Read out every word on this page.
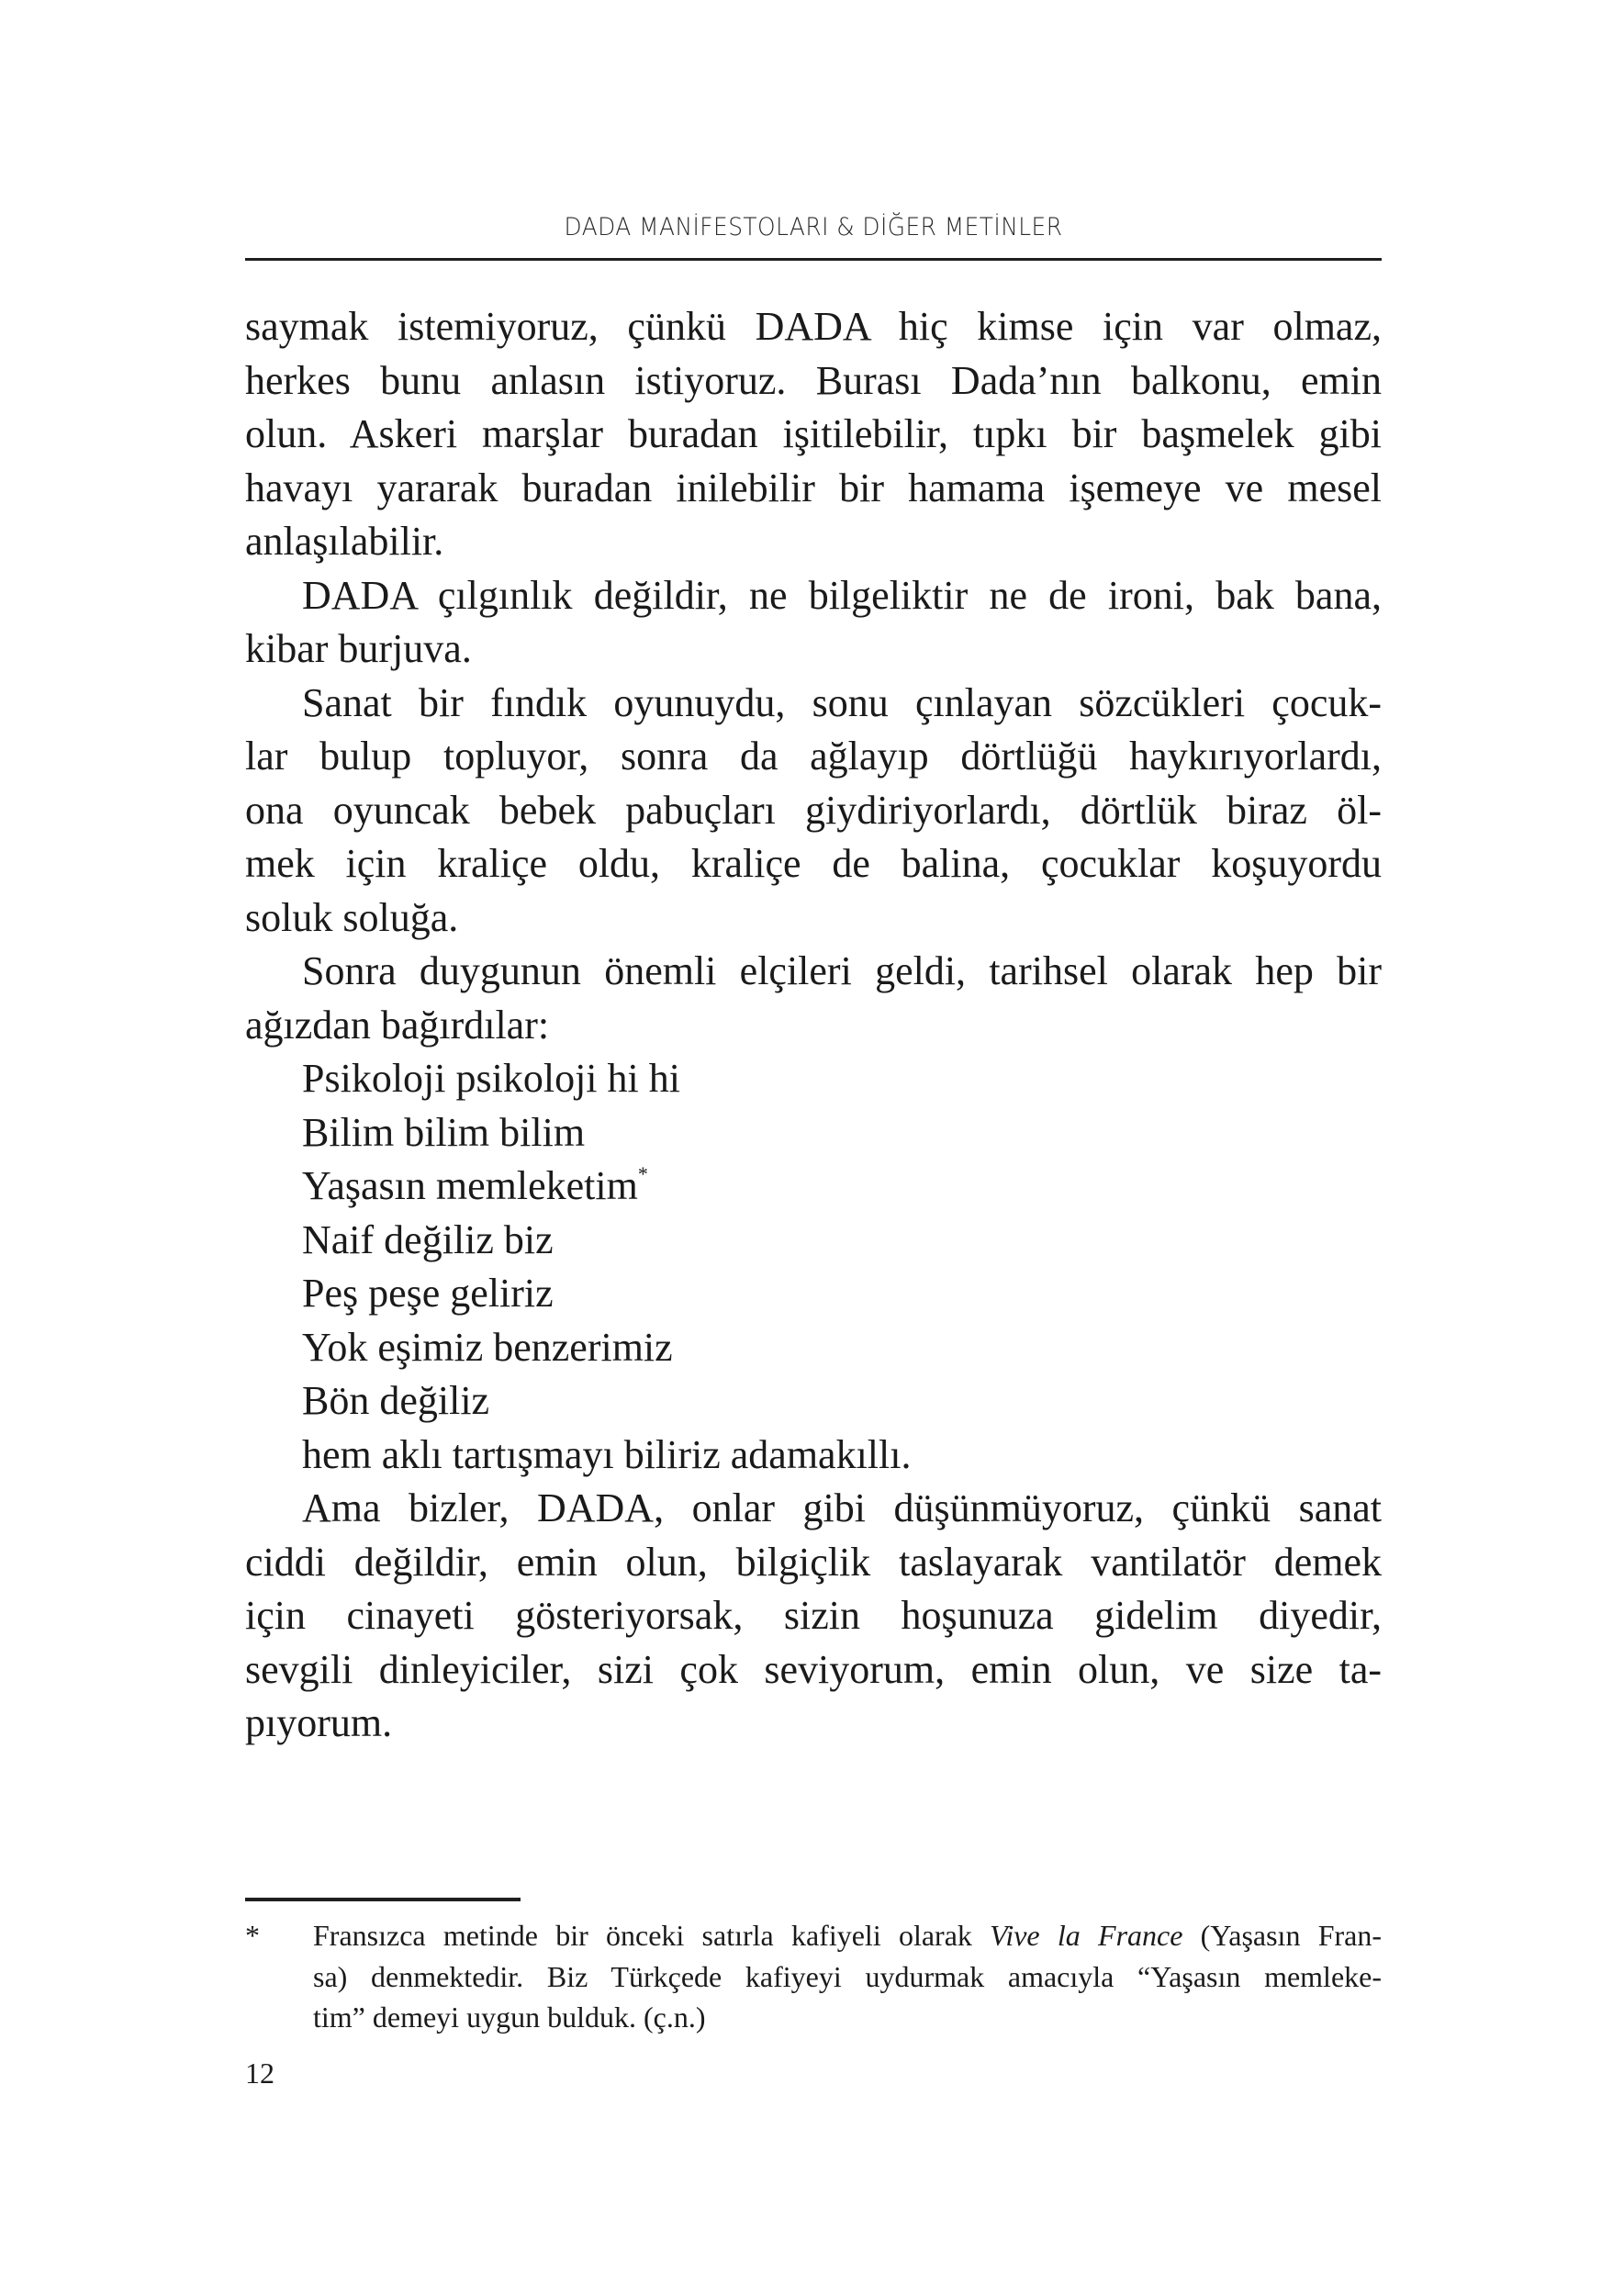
DADA MANİFESTOLARI & DİĞER METİNLER
saymak istemiyoruz, çünkü DADA hiç kimse için var olmaz,
herkes bunu anlasın istiyoruz. Burası Dada’nın balkonu, emin
olun. Askeri marşlar buradan işitilebilir, tıpkı bir başmelek gibi
havayı yararak buradan inilebilir bir hamama işemeye ve mesel
anlaşılabilir.
DADA çılgınlık değildir, ne bilgeliktir ne de ironi, bak bana,
kibar burjuva.
Sanat bir fındık oyunuydu, sonu çınlayan sözcükleri çocuk-
lar bulup topluyor, sonra da ağlayıp dörtlüğü haykırıyorlardı,
ona oyuncak bebek pabuçları giydiriyorlardı, dörtlük biraz öl-
mek için kraliçe oldu, kraliçe de balina, çocuklar koşuyordu
soluk soluğa.
Sonra duygunun önemli elçileri geldi, tarihsel olarak hep bir
ağızdan bağırdılar:
Psikoloji psikoloji hi hi
Bilim bilim bilim
Yaşasın memleketim*
Naif değiliz biz
Peş peşe geliriz
Yok eşimiz benzerimiz
Bön değiliz
hem aklı tartışmayı biliriz adamakıllı.
Ama bizler, DADA, onlar gibi düşünmüyoruz, çünkü sanat
ciddi değildir, emin olun, bilgiçlik taslayarak vantilatör demek
için cinayeti gösteriyorsak, sizin hoşunuza gidelim diyedir,
sevgili dinleyiciler, sizi çok seviyorum, emin olun, ve size ta-
pıyorum.
*	Fransızca metinde bir önceki satırla kafiyeli olarak Vive la France (Yaşasın Fran-
sa) denmektedir. Biz Türkçede kafiyeyi uydurmak amacıyla “Yaşasın memleke-
tim” demeyi uygun bulduk. (ç.n.)
12
